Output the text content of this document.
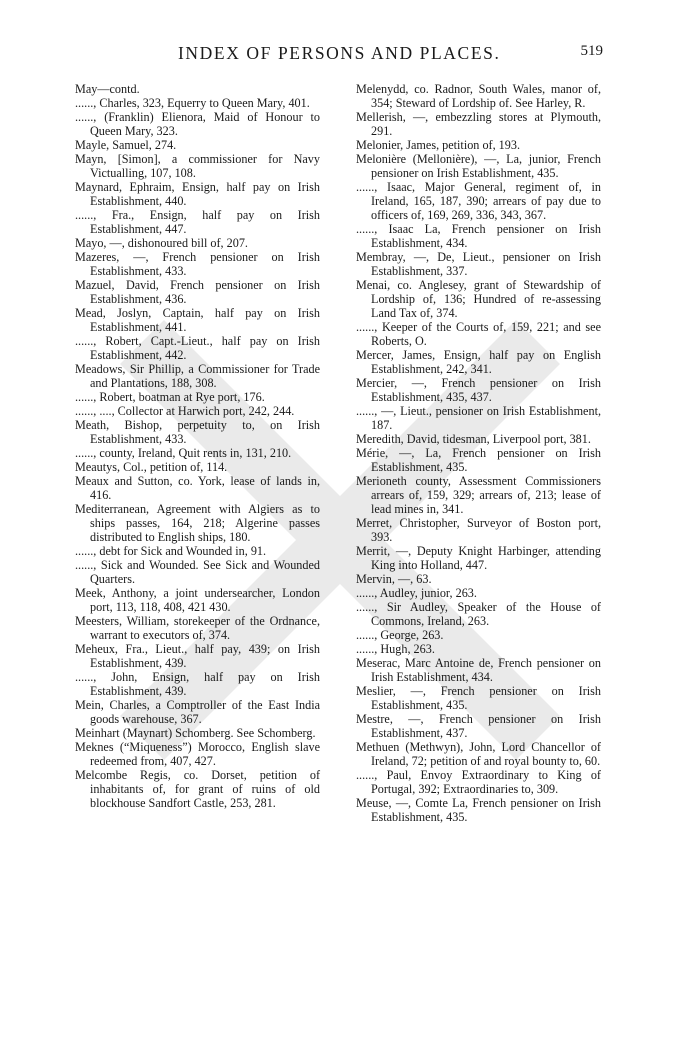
INDEX OF PERSONS AND PLACES.	519

May—contd.

......, Charles, 323, Equerry to Queen Mary, 401.

......, (Franklin) Elienora, Maid of Honour to Queen Mary, 323.

Mayle, Samuel, 274.

Mayn, [Simon], a commissioner for Navy Victualling, 107, 108.

Maynard, Ephraim, Ensign, half pay on Irish Establishment, 440.

......, Fra., Ensign, half pay on Irish Establishment, 447.

Mayo, —, dishonoured bill of, 207.

Mazeres, —, French pensioner on Irish Establishment, 433.

Mazuel, David, French pensioner on Irish Establishment, 436.

Mead, Joslyn, Captain, half pay on Irish Establishment, 441.

......, Robert, Capt.-Lieut., half pay on Irish Establishment, 442.

Meadows, Sir Phillip, a Commissioner for Trade and Plantations, 188, 308.

......, Robert, boatman at Rye port, 176.

......, ...., Collector at Harwich port, 242, 244.

Meath, Bishop, perpetuity to, on Irish Establishment, 433.

......, county, Ireland, Quit rents in, 131, 210.

Meautys, Col., petition of, 114.

Meaux and Sutton, co. York, lease of lands in, 416.

Mediterranean, Agreement with Algiers as to ships passes, 164, 218; Algerine passes distributed to English ships, 180.

......, debt for Sick and Wounded in, 91.

......, Sick and Wounded. See Sick and Wounded Quarters.

Meek, Anthony, a joint undersearcher, London port, 113, 118, 408, 421 430.

Meesters, William, storekeeper of the Ordnance, warrant to executors of, 374.

Meheux, Fra., Lieut., half pay, 439; on Irish Establishment, 439.

......, John, Ensign, half pay on Irish Establishment, 439.

Mein, Charles, a Comptroller of the East India goods warehouse, 367.

Meinhart (Maynart) Schomberg. See Schomberg.

Meknes (“Miqueness”) Morocco, English slave redeemed from, 407, 427.

Melcombe Regis, co. Dorset, petition of inhabitants of, for grant of ruins of old blockhouse Sandfort Castle, 253, 281.

Melenydd, co. Radnor, South Wales, manor of, 354; Steward of Lordship of. See Harley, R.

Mellerish, —, embezzling stores at Plymouth, 291.

Melonier, James, petition of, 193.

Melonière (Mellonière), —, La, junior, French pensioner on Irish Establishment, 435.

......, Isaac, Major General, regiment of, in Ireland, 165, 187, 390; arrears of pay due to officers of, 169, 269, 336, 343, 367.

......, Isaac La, French pensioner on Irish Establishment, 434.

Membray, —, De, Lieut., pensioner on Irish Establishment, 337.

Menai, co. Anglesey, grant of Stewardship of Lordship of, 136; Hundred of re-assessing Land Tax of, 374.

......, Keeper of the Courts of, 159, 221; and see Roberts, O.

Mercer, James, Ensign, half pay on English Establishment, 242, 341.

Mercier, —, French pensioner on Irish Establishment, 435, 437.

......, —, Lieut., pensioner on Irish Establishment, 187.

Meredith, David, tidesman, Liverpool port, 381.

Mérie, —, La, French pensioner on Irish Establishment, 435.

Merioneth county, Assessment Commissioners arrears of, 159, 329; arrears of, 213; lease of lead mines in, 341.

Merret, Christopher, Surveyor of Boston port, 393.

Merrit, —, Deputy Knight Harbinger, attending King into Holland, 447.

Mervin, —, 63.

......, Audley, junior, 263.

......, Sir Audley, Speaker of the House of Commons, Ireland, 263.

......, George, 263.

......, Hugh, 263.

Meserac, Marc Antoine de, French pensioner on Irish Establishment, 434.

Meslier, —, French pensioner on Irish Establishment, 435.

Mestre, —, French pensioner on Irish Establishment, 437.

Methuen (Methwyn), John, Lord Chancellor of Ireland, 72; petition of and royal bounty to, 60.

......, Paul, Envoy Extraordinary to King of Portugal, 392; Extraordinaries to, 309.

Meuse, —, Comte La, French pensioner on Irish Establishment, 435.
